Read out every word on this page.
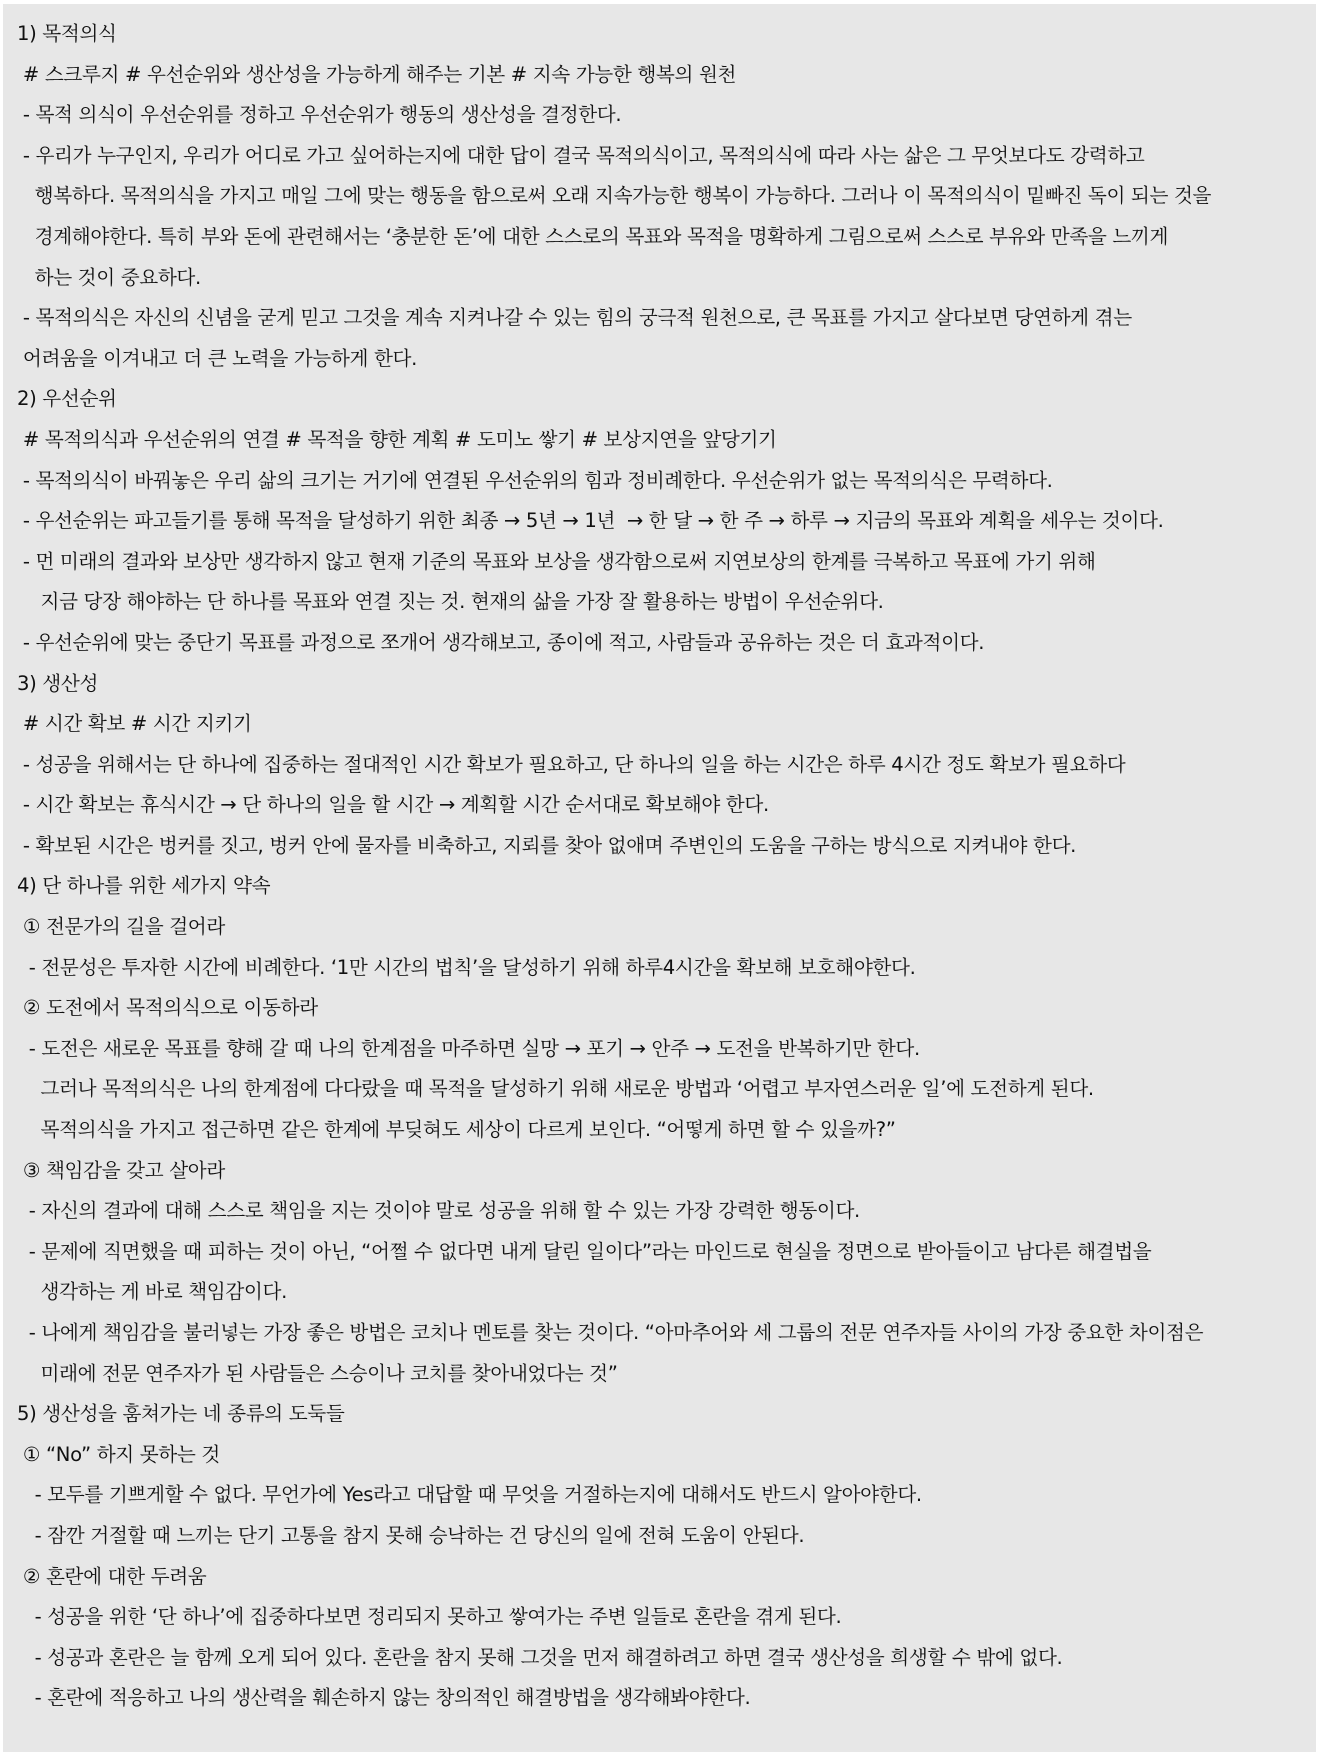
1) 목적의식

# 스크루지 # 우선순위와 생산성을 가능하게 해주는 기본 # 지속 가능한 행복의 원천

- 목적 의식이 우선순위를 정하고 우선순위가 행동의 생산성을 결정한다.

- 우리가 누구인지, 우리가 어디로 가고 싶어하는지에 대한 답이 결국 목적의식이고, 목적의식에 따라 사는 삶은 그 무엇보다도 강력하고

행복하다. 목적의식을 가지고 매일 그에 맞는 행동을 함으로써 오래 지속가능한 행복이 가능하다. 그러나 이 목적의식이 밑빠진 독이 되는 것을

경계해야한다. 특히 부와 돈에 관련해서는 ‘충분한 돈’에 대한 스스로의 목표와 목적을 명확하게 그림으로써 스스로 부유와 만족을 느끼게

하는 것이 중요하다.

- 목적의식은 자신의 신념을 굳게 믿고 그것을 계속 지켜나갈 수 있는 힘의 궁극적 원천으로, 큰 목표를 가지고 살다보면 당연하게 겪는

어려움을 이겨내고 더 큰 노력을 가능하게 한다.

2) 우선순위

# 목적의식과 우선순위의 연결 # 목적을 향한 계획 # 도미노 쌓기 # 보상지연을 앞당기기

- 목적의식이 바꿔놓은 우리 삶의 크기는 거기에 연결된 우선순위의 힘과 정비례한다. 우선순위가 없는 목적의식은 무력하다.

- 우선순위는 파고들기를 통해 목적을 달성하기 위한 최종 → 5년 → 1년  → 한 달 → 한 주 → 하루 → 지금의 목표와 계획을 세우는 것이다.

- 먼 미래의 결과와 보상만 생각하지 않고 현재 기준의 목표와 보상을 생각함으로써 지연보상의 한계를 극복하고 목표에 가기 위해

지금 당장 해야하는 단 하나를 목표와 연결 짓는 것. 현재의 삶을 가장 잘 활용하는 방법이 우선순위다.

- 우선순위에 맞는 중단기 목표를 과정으로 쪼개어 생각해보고, 종이에 적고, 사람들과 공유하는 것은 더 효과적이다.

3) 생산성

# 시간 확보 # 시간 지키기

- 성공을 위해서는 단 하나에 집중하는 절대적인 시간 확보가 필요하고, 단 하나의 일을 하는 시간은 하루 4시간 정도 확보가 필요하다

- 시간 확보는 휴식시간 → 단 하나의 일을 할 시간 → 계획할 시간 순서대로 확보해야 한다.

- 확보된 시간은 벙커를 짓고, 벙커 안에 물자를 비축하고, 지뢰를 찾아 없애며 주변인의 도움을 구하는 방식으로 지켜내야 한다.

4) 단 하나를 위한 세가지 약속

① 전문가의 길을 걸어라

- 전문성은 투자한 시간에 비례한다. ‘1만 시간의 법칙’을 달성하기 위해 하루4시간을 확보해 보호해야한다.

② 도전에서 목적의식으로 이동하라

- 도전은 새로운 목표를 향해 갈 때 나의 한계점을 마주하면 실망 → 포기 → 안주 → 도전을 반복하기만 한다.

그러나 목적의식은 나의 한계점에 다다랐을 때 목적을 달성하기 위해 새로운 방법과 ‘어렵고 부자연스러운 일’에 도전하게 된다.

목적의식을 가지고 접근하면 같은 한계에 부딪혀도 세상이 다르게 보인다. “어떻게 하면 할 수 있을까?”

③ 책임감을 갖고 살아라

- 자신의 결과에 대해 스스로 책임을 지는 것이야 말로 성공을 위해 할 수 있는 가장 강력한 행동이다.

- 문제에 직면했을 때 피하는 것이 아닌, “어쩔 수 없다면 내게 달린 일이다”라는 마인드로 현실을 정면으로 받아들이고 남다른 해결법을

생각하는 게 바로 책임감이다.

- 나에게 책임감을 불러넣는 가장 좋은 방법은 코치나 멘토를 찾는 것이다. “아마추어와 세 그룹의 전문 연주자들 사이의 가장 중요한 차이점은

미래에 전문 연주자가 된 사람들은 스승이나 코치를 찾아내었다는 것”

5) 생산성을 훔쳐가는 네 종류의 도둑들

① “No” 하지 못하는 것

- 모두를 기쁘게할 수 없다. 무언가에 Yes라고 대답할 때 무엇을 거절하는지에 대해서도 반드시 알아야한다.

- 잠깐 거절할 때 느끼는 단기 고통을 참지 못해 승낙하는 건 당신의 일에 전혀 도움이 안된다.

② 혼란에 대한 두려움

- 성공을 위한 ‘단 하나’에 집중하다보면 정리되지 못하고 쌓여가는 주변 일들로 혼란을 겪게 된다.

- 성공과 혼란은 늘 함께 오게 되어 있다. 혼란을 참지 못해 그것을 먼저 해결하려고 하면 결국 생산성을 희생할 수 밖에 없다.

- 혼란에 적응하고 나의 생산력을 훼손하지 않는 창의적인 해결방법을 생각해봐야한다.
